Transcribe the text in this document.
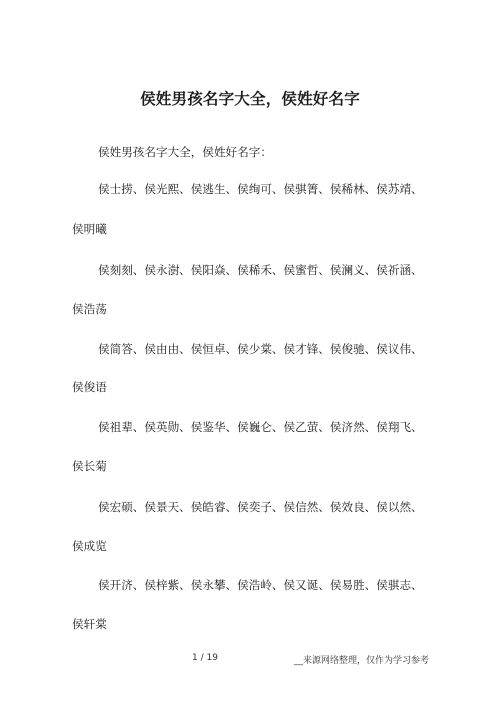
侯姓男孩名字大全，侯姓好名字
侯姓男孩名字大全，侯姓好名字：
侯士捞、侯光熙、侯逃生、侯绚可、侯骐箐、侯稀林、侯苏靖、
侯明曦
侯刻刻、侯永澍、侯阳焱、侯稀禾、侯蜜哲、侯澜义、侯祈涵、
侯浩荡
侯简答、侯由由、侯恒卓、侯少棠、侯才锋、侯俊驰、侯议伟、
侯俊语
侯祖辈、侯英勋、侯鉴华、侯巍仑、侯乙萤、侯济然、侯翔飞、
侯长菊
侯宏硕、侯景天、侯皓睿、侯奕子、侯信然、侯效良、侯以然、
侯成览
侯开济、侯梓紫、侯永攀、侯浩岭、侯又诞、侯易胜、侯骐志、
侯轩棠
1 / 19	__来源网络整理，仅作为学习参考
